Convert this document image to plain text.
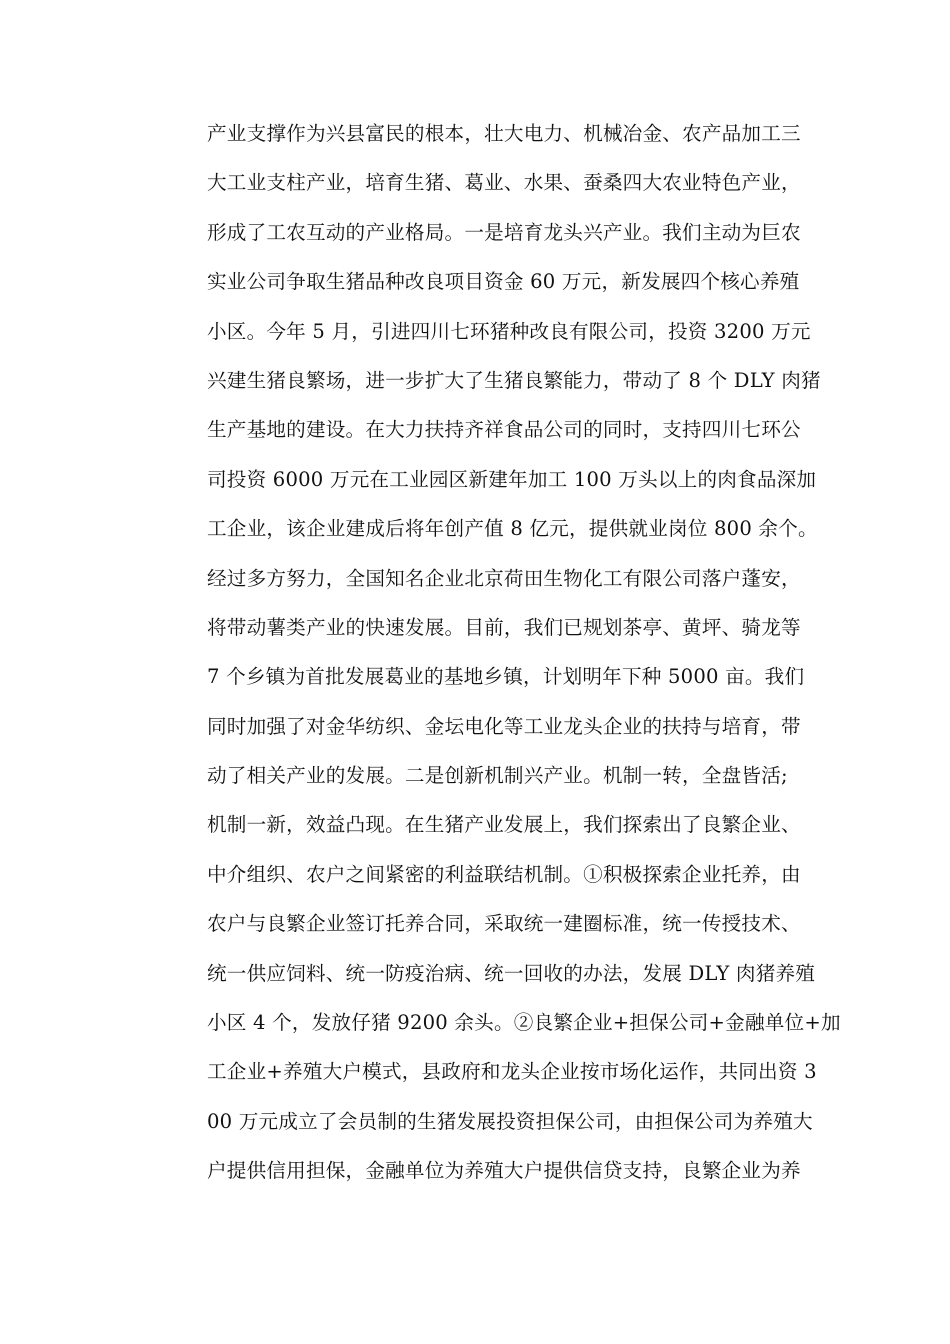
产业支撑作为兴县富民的根本，壮大电力、机械冶金、农产品加工三
大工业支柱产业，培育生猪、葛业、水果、蚕桑四大农业特色产业，
形成了工农互动的产业格局。一是培育龙头兴产业。我们主动为巨农
实业公司争取生猪品种改良项目资金 60 万元，新发展四个核心养殖
小区。今年 5 月，引进四川七环猪种改良有限公司，投资 3200 万元
兴建生猪良繁场，进一步扩大了生猪良繁能力，带动了 8 个 DLY 肉猪
生产基地的建设。在大力扶持齐祥食品公司的同时，支持四川七环公
司投资 6000 万元在工业园区新建年加工 100 万头以上的肉食品深加
工企业，该企业建成后将年创产值 8 亿元，提供就业岗位 800 余个。
经过多方努力，全国知名企业北京荷田生物化工有限公司落户蓬安，
将带动薯类产业的快速发展。目前，我们已规划茶亭、黄坪、骑龙等
7 个乡镇为首批发展葛业的基地乡镇，计划明年下种 5000 亩。我们
同时加强了对金华纺织、金坛电化等工业龙头企业的扶持与培育，带
动了相关产业的发展。二是创新机制兴产业。机制一转，全盘皆活;
机制一新，效益凸现。在生猪产业发展上，我们探索出了良繁企业、
中介组织、农户之间紧密的利益联结机制。①积极探索企业托养，由
农户与良繁企业签订托养合同，采取统一建圈标准，统一传授技术、
统一供应饲料、统一防疫治病、统一回收的办法，发展 DLY 肉猪养殖
小区 4 个，发放仔猪 9200 余头。②良繁企业+担保公司+金融单位+加
工企业+养殖大户模式，县政府和龙头企业按市场化运作，共同出资 3
00 万元成立了会员制的生猪发展投资担保公司，由担保公司为养殖大
户提供信用担保，金融单位为养殖大户提供信贷支持，良繁企业为养
